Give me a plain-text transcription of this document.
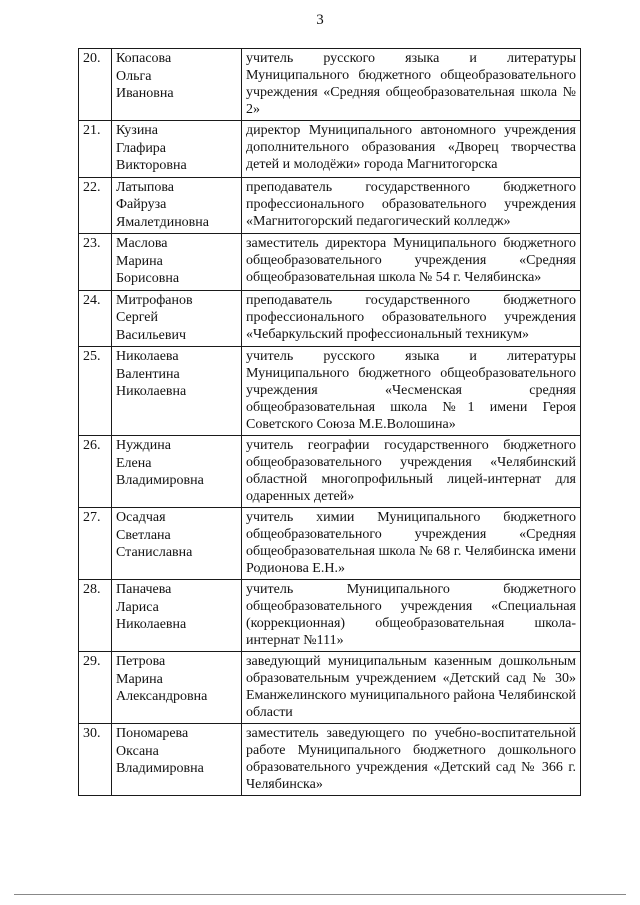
3
20.	Копасова
Ольга
Ивановна	учитель русского языка и литературы Муниципального бюджетного общеобразовательного учреждения «Средняя общеобразовательная школа № 2»
21.	Кузина
Глафира
Викторовна	директор Муниципального автономного учреждения дополнительного образования «Дворец творчества детей и молодёжи» города Магнитогорска
22.	Латыпова
Файруза
Ямалетдиновна	преподаватель государственного бюджетного профессионального образовательного учреждения «Магнитогорский педагогический колледж»
23.	Маслова
Марина
Борисовна	заместитель директора Муниципального бюджетного общеобразовательного учреждения «Средняя общеобразовательная школа № 54 г. Челябинска»
24.	Митрофанов
Сергей
Васильевич	преподаватель государственного бюджетного профессионального образовательного учреждения «Чебаркульский профессиональный техникум»
25.	Николаева
Валентина
Николаевна	учитель русского языка и литературы Муниципального бюджетного общеобразовательного учреждения «Чесменская средняя общеобразовательная школа №1 имени Героя Советского Союза М.Е.Волошина»
26.	Нуждина
Елена
Владимировна	учитель географии государственного бюджетного общеобразовательного учреждения «Челябинский областной многопрофильный лицей-интернат для одаренных детей»
27.	Осадчая
Светлана
Станиславна	учитель химии Муниципального бюджетного общеобразовательного учреждения «Средняя общеобразовательная школа № 68 г. Челябинска имени Родионова Е.Н.»
28.	Паначева
Лариса
Николаевна	учитель Муниципального бюджетного общеобразовательного учреждения «Специальная (коррекционная) общеобразовательная школа-интернат №111»
29.	Петрова
Марина
Александровна	заведующий муниципальным казенным дошкольным образовательным учреждением «Детский сад № 30» Еманжелинского муниципального района Челябинской области
30.	Пономарева
Оксана
Владимировна	заместитель заведующего по учебно-воспитательной работе Муниципального бюджетного дошкольного образовательного учреждения «Детский сад № 366 г. Челябинска»
